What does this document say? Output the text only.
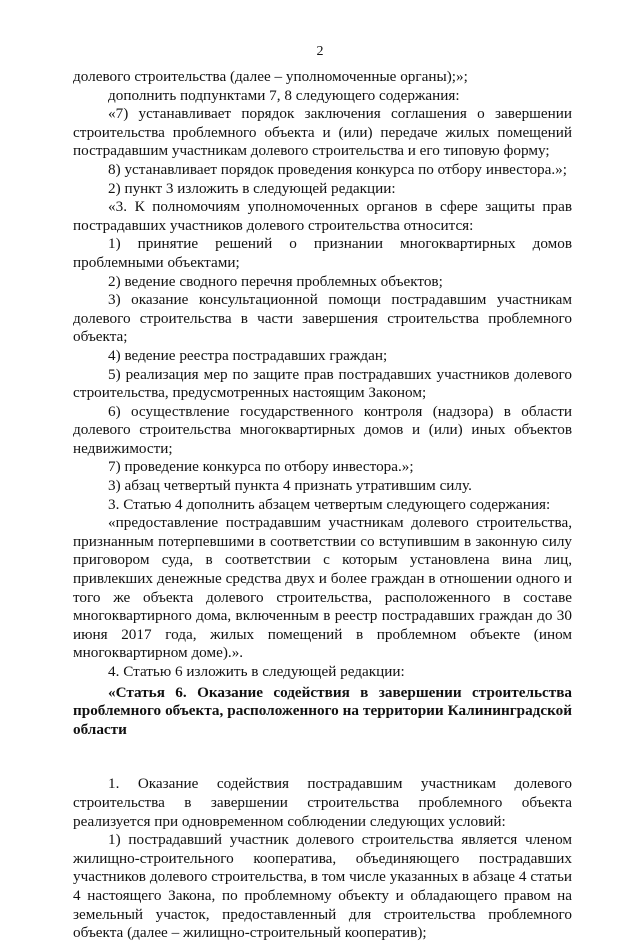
2

долевого строительства (далее – уполномоченные органы);»;

дополнить подпунктами 7, 8 следующего содержания:

«7) устанавливает порядок заключения соглашения о завершении строительства проблемного объекта и (или) передаче жилых помещений пострадавшим участникам долевого строительства и его типовую форму;

8) устанавливает порядок проведения конкурса по отбору инвестора.»;

2) пункт 3 изложить в следующей редакции:

«3. К полномочиям уполномоченных органов в сфере защиты прав пострадавших участников долевого строительства относится:

1) принятие решений о признании многоквартирных домов проблемными объектами;

2) ведение сводного перечня проблемных объектов;

3) оказание консультационной помощи пострадавшим участникам долевого строительства в части завершения строительства проблемного объекта;

4) ведение реестра пострадавших граждан;

5) реализация мер по защите прав пострадавших участников долевого строительства, предусмотренных настоящим Законом;

6) осуществление государственного контроля (надзора) в области долевого строительства многоквартирных домов и (или) иных объектов недвижимости;

7) проведение конкурса по отбору инвестора.»;

3) абзац четвертый пункта 4 признать утратившим силу.

3. Статью 4 дополнить абзацем четвертым следующего содержания:

«предоставление пострадавшим участникам долевого строительства, признанным потерпевшими в соответствии со вступившим в законную силу приговором суда, в соответствии с которым установлена вина лиц, привлекших денежные средства двух и более граждан в отношении одного и того же объекта долевого строительства, расположенного в составе многоквартирного дома, включенным в реестр пострадавших граждан до 30 июня 2017 года, жилых помещений в проблемном объекте (ином многоквартирном доме).».

4. Статью 6 изложить в следующей редакции:

«Статья 6. Оказание содействия в завершении строительства проблемного объекта, расположенного на территории Калининградской области

1. Оказание содействия пострадавшим участникам долевого строительства в завершении строительства проблемного объекта реализуется при одновременном соблюдении следующих условий:

1) пострадавший участник долевого строительства является членом жилищно-строительного кооператива, объединяющего пострадавших участников долевого строительства, в том числе указанных в абзаце 4 статьи 4 настоящего Закона, по проблемному объекту и обладающего правом на земельный участок, предоставленный для строительства проблемного объекта (далее – жилищно-строительный кооператив);
